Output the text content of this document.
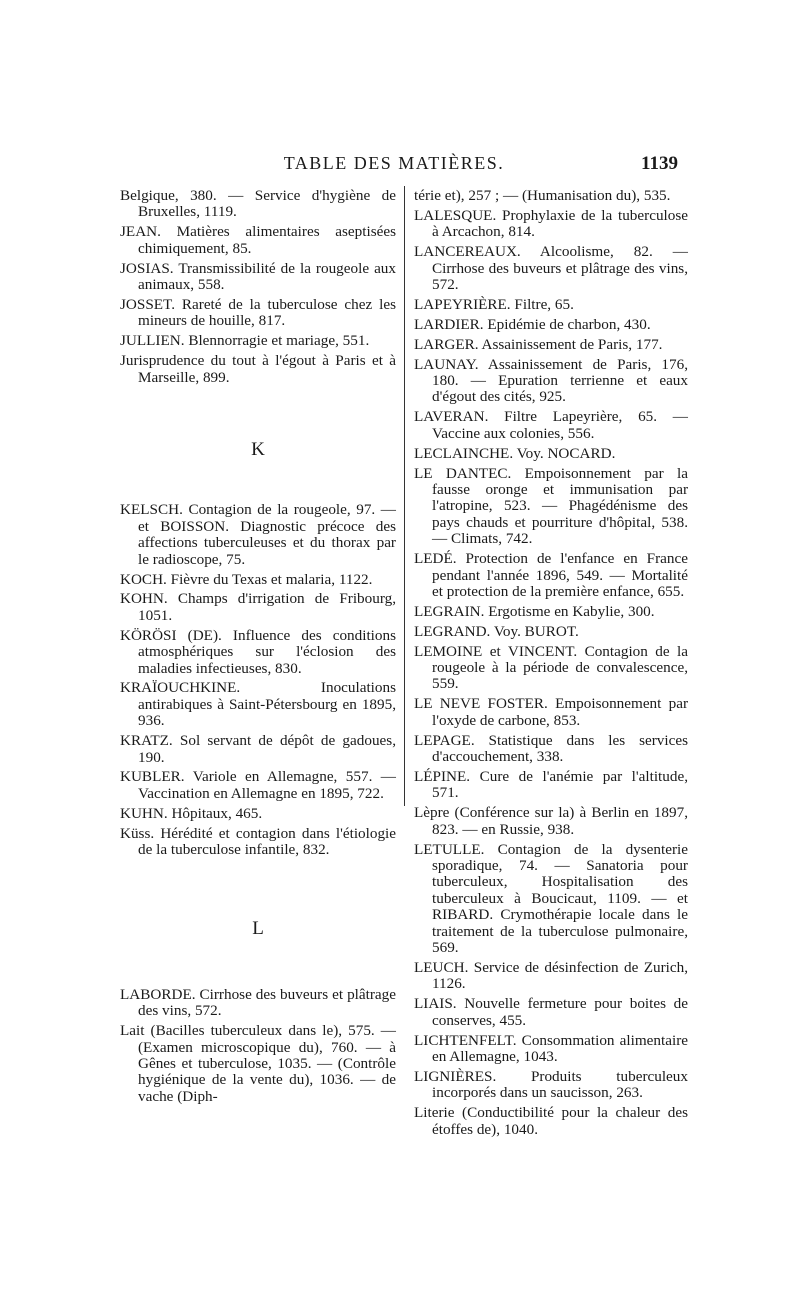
TABLE DES MATIÈRES.	1139

Belgique, 380. — Service d'hygiène de Bruxelles, 1119.

JEAN. Matières alimentaires aseptisées chimiquement, 85.

JOSIAS. Transmissibilité de la rougeole aux animaux, 558.

JOSSET. Rareté de la tuberculose chez les mineurs de houille, 817.

JULLIEN. Blennorragie et mariage, 551.

Jurisprudence du tout à l'égout à Paris et à Marseille, 899.

K

KELSCH. Contagion de la rougeole, 97. — et BOISSON. Diagnostic précoce des affections tuberculeuses et du thorax par le radioscope, 75.

KOCH. Fièvre du Texas et malaria, 1122.

KOHN. Champs d'irrigation de Fribourg, 1051.

KÖRÖSI (DE). Influence des conditions atmosphériques sur l'éclosion des maladies infectieuses, 830.

KRAÏOUCHKINE. Inoculations antirabiques à Saint-Pétersbourg en 1895, 936.

KRATZ. Sol servant de dépôt de gadoues, 190.

KUBLER. Variole en Allemagne, 557. — Vaccination en Allemagne en 1895, 722.

KUHN. Hôpitaux, 465.

Küss. Hérédité et contagion dans l'étiologie de la tuberculose infantile, 832.

L

LABORDE. Cirrhose des buveurs et plâtrage des vins, 572.

Lait (Bacilles tuberculeux dans le), 575. — (Examen microscopique du), 760. — à Gênes et tuberculose, 1035. — (Contrôle hygiénique de la vente du), 1036. — de vache (Diph-

térie et), 257 ; — (Humanisation du), 535.

LALESQUE. Prophylaxie de la tuberculose à Arcachon, 814.

LANCEREAUX. Alcoolisme, 82. — Cirrhose des buveurs et plâtrage des vins, 572.

LAPEYRIÈRE. Filtre, 65.

LARDIER. Epidémie de charbon, 430.

LARGER. Assainissement de Paris, 177.

LAUNAY. Assainissement de Paris, 176, 180. — Epuration terrienne et eaux d'égout des cités, 925.

LAVERAN. Filtre Lapeyrière, 65. — Vaccine aux colonies, 556.

LECLAINCHE. Voy. NOCARD.

LE DANTEC. Empoisonnement par la fausse oronge et immunisation par l'atropine, 523. — Phagédénisme des pays chauds et pourriture d'hôpital, 538. — Climats, 742.

LEDÉ. Protection de l'enfance en France pendant l'année 1896, 549. — Mortalité et protection de la première enfance, 655.

LEGRAIN. Ergotisme en Kabylie, 300.

LEGRAND. Voy. BUROT.

LEMOINE et VINCENT. Contagion de la rougeole à la période de convalescence, 559.

LE NEVE FOSTER. Empoisonnement par l'oxyde de carbone, 853.

LEPAGE. Statistique dans les services d'accouchement, 338.

LÉPINE. Cure de l'anémie par l'altitude, 571.

Lèpre (Conférence sur la) à Berlin en 1897, 823. — en Russie, 938.

LETULLE. Contagion de la dysenterie sporadique, 74. — Sanatoria pour tuberculeux, Hospitalisation des tuberculeux à Boucicaut, 1109. — et RIBARD. Crymothérapie locale dans le traitement de la tuberculose pulmonaire, 569.

LEUCH. Service de désinfection de Zurich, 1126.

LIAIS. Nouvelle fermeture pour boites de conserves, 455.

LICHTENFELT. Consommation alimentaire en Allemagne, 1043.

LIGNIÈRES. Produits tuberculeux incorporés dans un saucisson, 263.

Literie (Conductibilité pour la chaleur des étoffes de), 1040.
